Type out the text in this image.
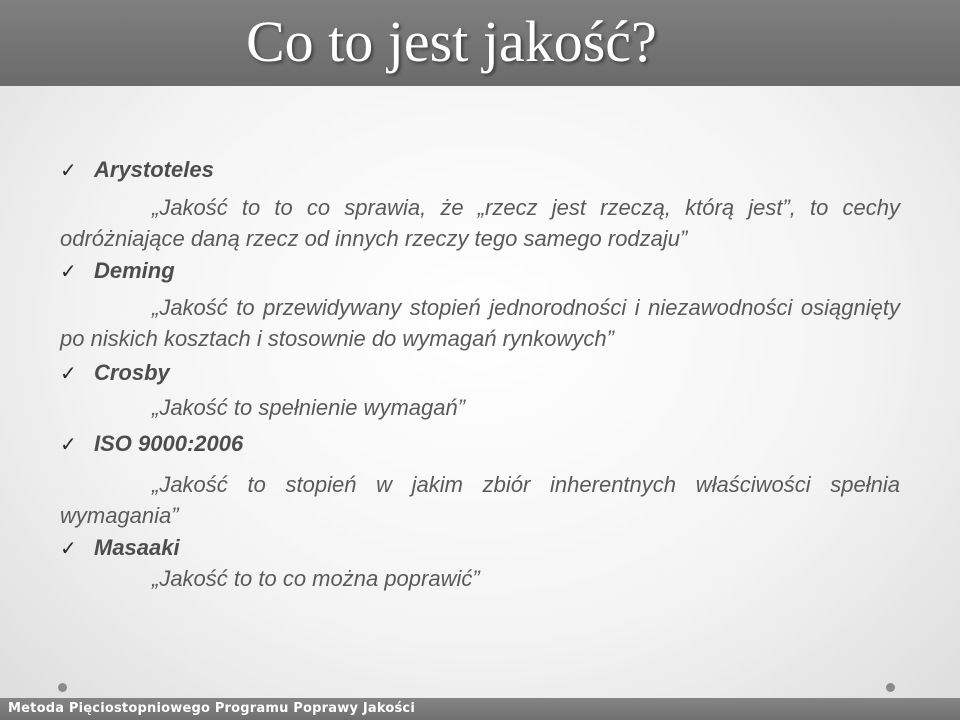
Co to jest jakość?
✓ Arystoteles

„Jakość to to co sprawia, że „rzecz jest rzeczą, którą jest”, to cechy odróżniające daną rzecz od innych rzeczy tego samego rodzaju”

✓ Deming

„Jakość to przewidywany stopień jednorodności i niezawodności osiągnięty po niskich kosztach i stosownie do wymagań rynkowych”

✓ Crosby

„Jakość to spełnienie wymagań”

✓ ISO 9000:2006

„Jakość to stopień w jakim zbiór inherentnych właściwości spełnia wymagania”

✓ Masaaki

„Jakość to to co można poprawić”

Metoda Pięciostopniowego Programu Poprawy Jakości
